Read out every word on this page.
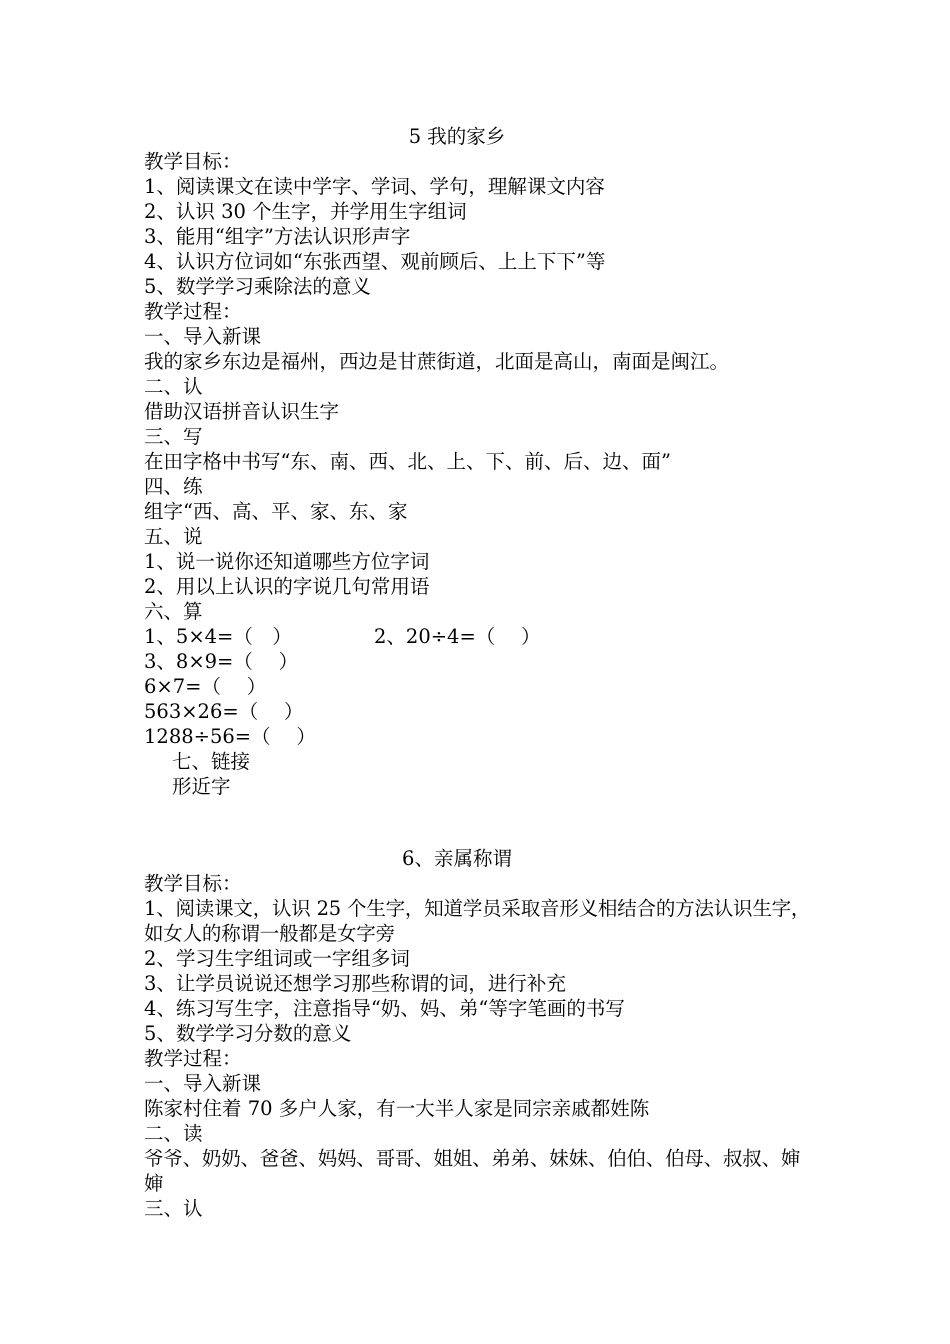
5 我的家乡
教学目标：
1、阅读课文在读中学字、学词、学句，理解课文内容
2、认识 30 个生字，并学用生字组词
3、能用“组字”方法认识形声字
4、认识方位词如“东张西望、观前顾后、上上下下”等
5、数学学习乘除法的意义
教学过程：
一、导入新课
我的家乡东边是福州，西边是甘蔗街道，北面是高山，南面是闽江。
二、认
借助汉语拼音认识生字
三、写
在田字格中书写“东、南、西、北、上、下、前、后、边、面”
四、练
组字“西、高、平、家、东、家
五、说
1、说一说你还知道哪些方位字词
2、用以上认识的字说几句常用语
六、算
1、5×4=（　）	2、20÷4=（　 ）
3、8×9=（　 ）
6×7=（　 ）
563×26=（　 ）
1288÷56=（　 ）
七、链接
形近字
6、亲属称谓
教学目标：
1、阅读课文，认识 25 个生字，知道学员采取音形义相结合的方法认识生字，如女人的称谓一般都是女字旁
2、学习生字组词或一字组多词
3、让学员说说还想学习那些称谓的词，进行补充
4、练习写生字，注意指导“奶、妈、弟“等字笔画的书写
5、数学学习分数的意义
教学过程：
一、导入新课
陈家村住着 70 多户人家，有一大半人家是同宗亲戚都姓陈
二、读
爷爷、奶奶、爸爸、妈妈、哥哥、姐姐、弟弟、妹妹、伯伯、伯母、叔叔、婶婶
三、认
